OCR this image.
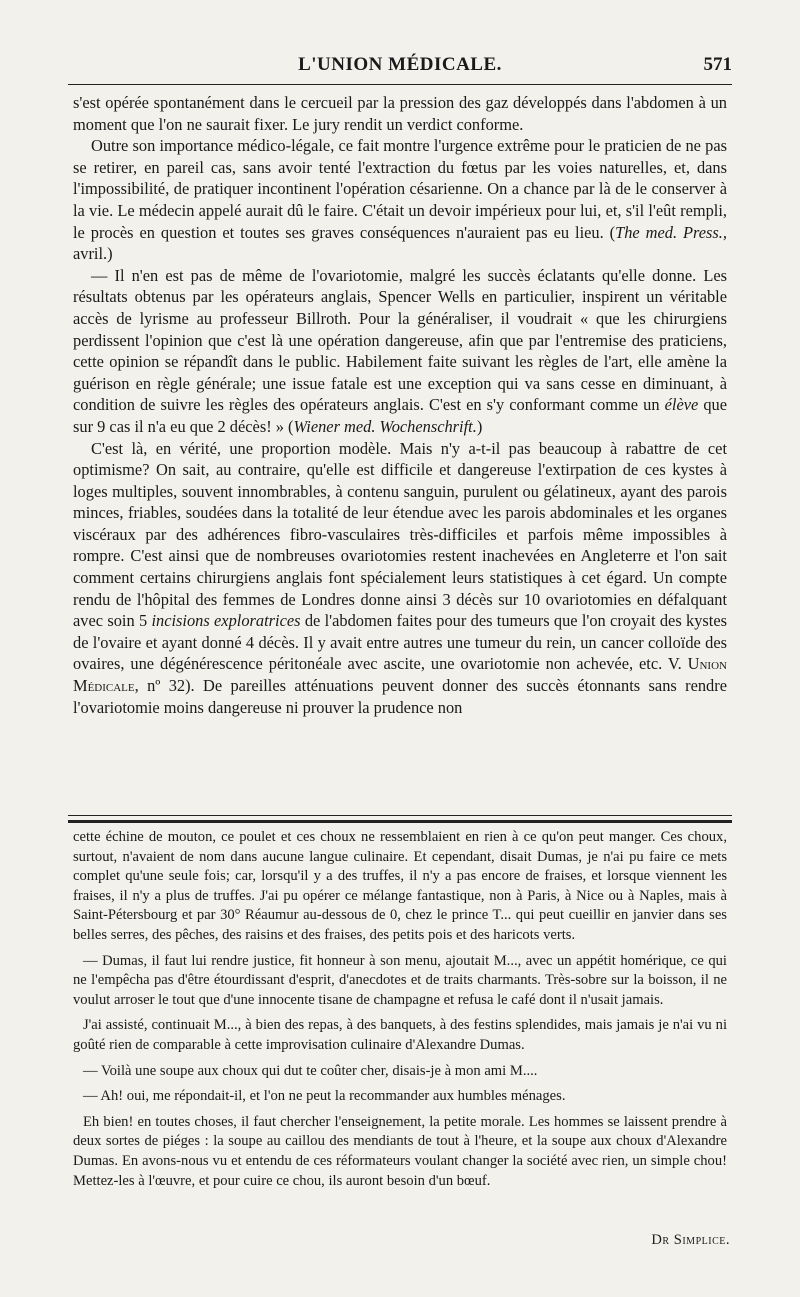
L'UNION MÉDICALE.	571

s'est opérée spontanément dans le cercueil par la pression des gaz développés dans l'abdomen à un moment que l'on ne saurait fixer. Le jury rendit un verdict conforme.

Outre son importance médico-légale, ce fait montre l'urgence extrême pour le praticien de ne pas se retirer, en pareil cas, sans avoir tenté l'extraction du fœtus par les voies naturelles, et, dans l'impossibilité, de pratiquer incontinent l'opération césarienne. On a chance par là de le conserver à la vie. Le médecin appelé aurait dû le faire. C'était un devoir impérieux pour lui, et, s'il l'eût rempli, le procès en question et toutes ses graves conséquences n'auraient pas eu lieu. (The med. Press., avril.)

— Il n'en est pas de même de l'ovariotomie, malgré les succès éclatants qu'elle donne. Les résultats obtenus par les opérateurs anglais, Spencer Wells en particulier, inspirent un véritable accès de lyrisme au professeur Billroth. Pour la généraliser, il voudrait « que les chirurgiens perdissent l'opinion que c'est là une opération dangereuse, afin que par l'entremise des praticiens, cette opinion se répandît dans le public. Habilement faite suivant les règles de l'art, elle amène la guérison en règle générale; une issue fatale est une exception qui va sans cesse en diminuant, à condition de suivre les règles des opérateurs anglais. C'est en s'y conformant comme un élève que sur 9 cas il n'a eu que 2 décès! » (Wiener med. Wochenschrift.)

C'est là, en vérité, une proportion modèle. Mais n'y a-t-il pas beaucoup à rabattre de cet optimisme? On sait, au contraire, qu'elle est difficile et dangereuse l'extirpation de ces kystes à loges multiples, souvent innombrables, à contenu sanguin, purulent ou gélatineux, ayant des parois minces, friables, soudées dans la totalité de leur étendue avec les parois abdominales et les organes viscéraux par des adhérences fibro-vasculaires très-difficiles et parfois même impossibles à rompre. C'est ainsi que de nombreuses ovariotomies restent inachevées en Angleterre et l'on sait comment certains chirurgiens anglais font spécialement leurs statistiques à cet égard. Un compte rendu de l'hôpital des femmes de Londres donne ainsi 3 décès sur 10 ovariotomies en défalquant avec soin 5 incisions exploratrices de l'abdomen faites pour des tumeurs que l'on croyait des kystes de l'ovaire et ayant donné 4 décès. Il y avait entre autres une tumeur du rein, un cancer colloïde des ovaires, une dégénérescence péritonéale avec ascite, une ovariotomie non achevée, etc. V. Union Médicale, nº 32). De pareilles atténuations peuvent donner des succès étonnants sans rendre l'ovariotomie moins dangereuse ni prouver la prudence non

cette échine de mouton, ce poulet et ces choux ne ressemblaient en rien à ce qu'on peut manger. Ces choux, surtout, n'avaient de nom dans aucune langue culinaire. Et cependant, disait Dumas, je n'ai pu faire ce mets complet qu'une seule fois; car, lorsqu'il y a des truffes, il n'y a pas encore de fraises, et lorsque viennent les fraises, il n'y a plus de truffes. J'ai pu opérer ce mélange fantastique, non à Paris, à Nice ou à Naples, mais à Saint-Pétersbourg et par 30° Réaumur au-dessous de 0, chez le prince T... qui peut cueillir en janvier dans ses belles serres, des pêches, des raisins et des fraises, des petits pois et des haricots verts.

— Dumas, il faut lui rendre justice, fit honneur à son menu, ajoutait M..., avec un appétit homérique, ce qui ne l'empêcha pas d'être étourdissant d'esprit, d'anecdotes et de traits charmants. Très-sobre sur la boisson, il ne voulut arroser le tout que d'une innocente tisane de champagne et refusa le café dont il n'usait jamais.

J'ai assisté, continuait M..., à bien des repas, à des banquets, à des festins splendides, mais jamais je n'ai vu ni goûté rien de comparable à cette improvisation culinaire d'Alexandre Dumas.

— Voilà une soupe aux choux qui dut te coûter cher, disais-je à mon ami M....

— Ah! oui, me répondait-il, et l'on ne peut la recommander aux humbles ménages.

Eh bien! en toutes choses, il faut chercher l'enseignement, la petite morale. Les hommes se laissent prendre à deux sortes de piéges : la soupe au caillou des mendiants de tout à l'heure, et la soupe aux choux d'Alexandre Dumas. En avons-nous vu et entendu de ces réformateurs voulant changer la société avec rien, un simple chou! Mettez-les à l'œuvre, et pour cuire ce chou, ils auront besoin d'un bœuf.

Dr Simplice.
